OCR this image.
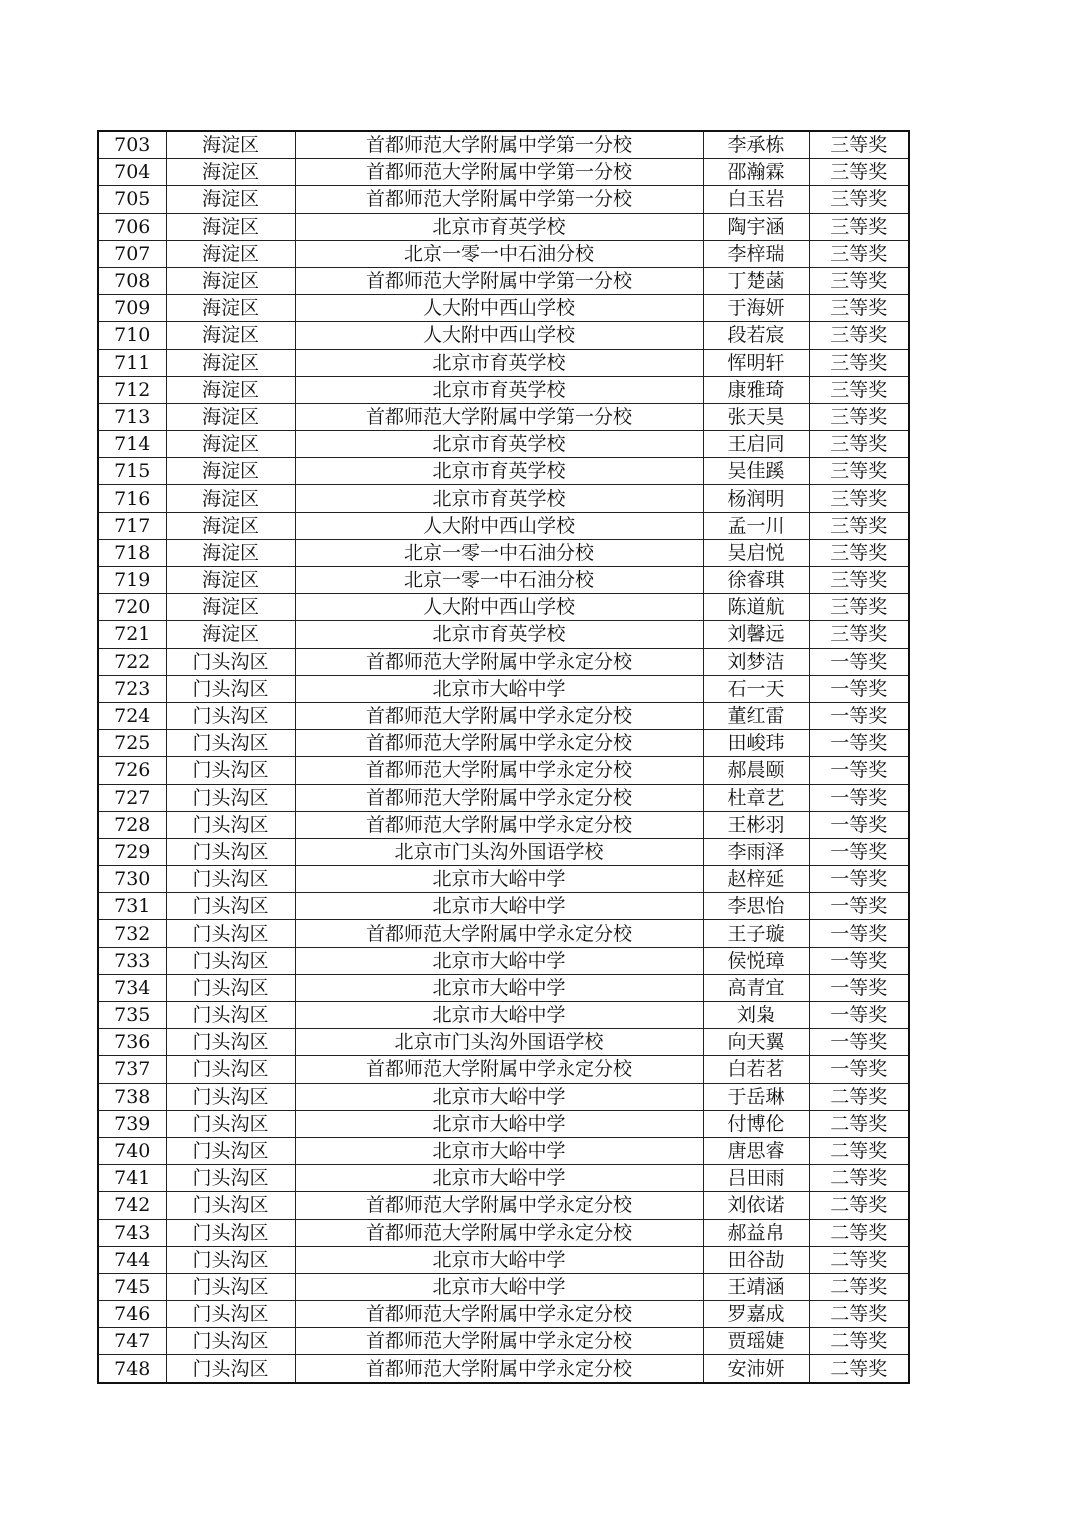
703	海淀区	首都师范大学附属中学第一分校	李承栋	三等奖
704	海淀区	首都师范大学附属中学第一分校	邵瀚霖	三等奖
705	海淀区	首都师范大学附属中学第一分校	白玉岩	三等奖
706	海淀区	北京市育英学校	陶宇涵	三等奖
707	海淀区	北京一零一中石油分校	李梓瑞	三等奖
708	海淀区	首都师范大学附属中学第一分校	丁楚菡	三等奖
709	海淀区	人大附中西山学校	于海妍	三等奖
710	海淀区	人大附中西山学校	段若宸	三等奖
711	海淀区	北京市育英学校	恽明轩	三等奖
712	海淀区	北京市育英学校	康雅琦	三等奖
713	海淀区	首都师范大学附属中学第一分校	张天昊	三等奖
714	海淀区	北京市育英学校	王启同	三等奖
715	海淀区	北京市育英学校	吴佳蹊	三等奖
716	海淀区	北京市育英学校	杨润明	三等奖
717	海淀区	人大附中西山学校	孟一川	三等奖
718	海淀区	北京一零一中石油分校	吴启悦	三等奖
719	海淀区	北京一零一中石油分校	徐睿琪	三等奖
720	海淀区	人大附中西山学校	陈道航	三等奖
721	海淀区	北京市育英学校	刘馨远	三等奖
722	门头沟区	首都师范大学附属中学永定分校	刘梦洁	一等奖
723	门头沟区	北京市大峪中学	石一天	一等奖
724	门头沟区	首都师范大学附属中学永定分校	董红雷	一等奖
725	门头沟区	首都师范大学附属中学永定分校	田峻玮	一等奖
726	门头沟区	首都师范大学附属中学永定分校	郝晨颐	一等奖
727	门头沟区	首都师范大学附属中学永定分校	杜章艺	一等奖
728	门头沟区	首都师范大学附属中学永定分校	王彬羽	一等奖
729	门头沟区	北京市门头沟外国语学校	李雨泽	一等奖
730	门头沟区	北京市大峪中学	赵梓延	一等奖
731	门头沟区	北京市大峪中学	李思怡	一等奖
732	门头沟区	首都师范大学附属中学永定分校	王子璇	一等奖
733	门头沟区	北京市大峪中学	侯悦璋	一等奖
734	门头沟区	北京市大峪中学	高青宜	一等奖
735	门头沟区	北京市大峪中学	刘枭	一等奖
736	门头沟区	北京市门头沟外国语学校	向天翼	一等奖
737	门头沟区	首都师范大学附属中学永定分校	白若茗	一等奖
738	门头沟区	北京市大峪中学	于岳琳	二等奖
739	门头沟区	北京市大峪中学	付博伦	二等奖
740	门头沟区	北京市大峪中学	唐思睿	二等奖
741	门头沟区	北京市大峪中学	吕田雨	二等奖
742	门头沟区	首都师范大学附属中学永定分校	刘依诺	二等奖
743	门头沟区	首都师范大学附属中学永定分校	郝益帛	二等奖
744	门头沟区	北京市大峪中学	田谷劼	二等奖
745	门头沟区	北京市大峪中学	王靖涵	二等奖
746	门头沟区	首都师范大学附属中学永定分校	罗嘉成	二等奖
747	门头沟区	首都师范大学附属中学永定分校	贾瑶婕	二等奖
748	门头沟区	首都师范大学附属中学永定分校	安沛妍	二等奖
